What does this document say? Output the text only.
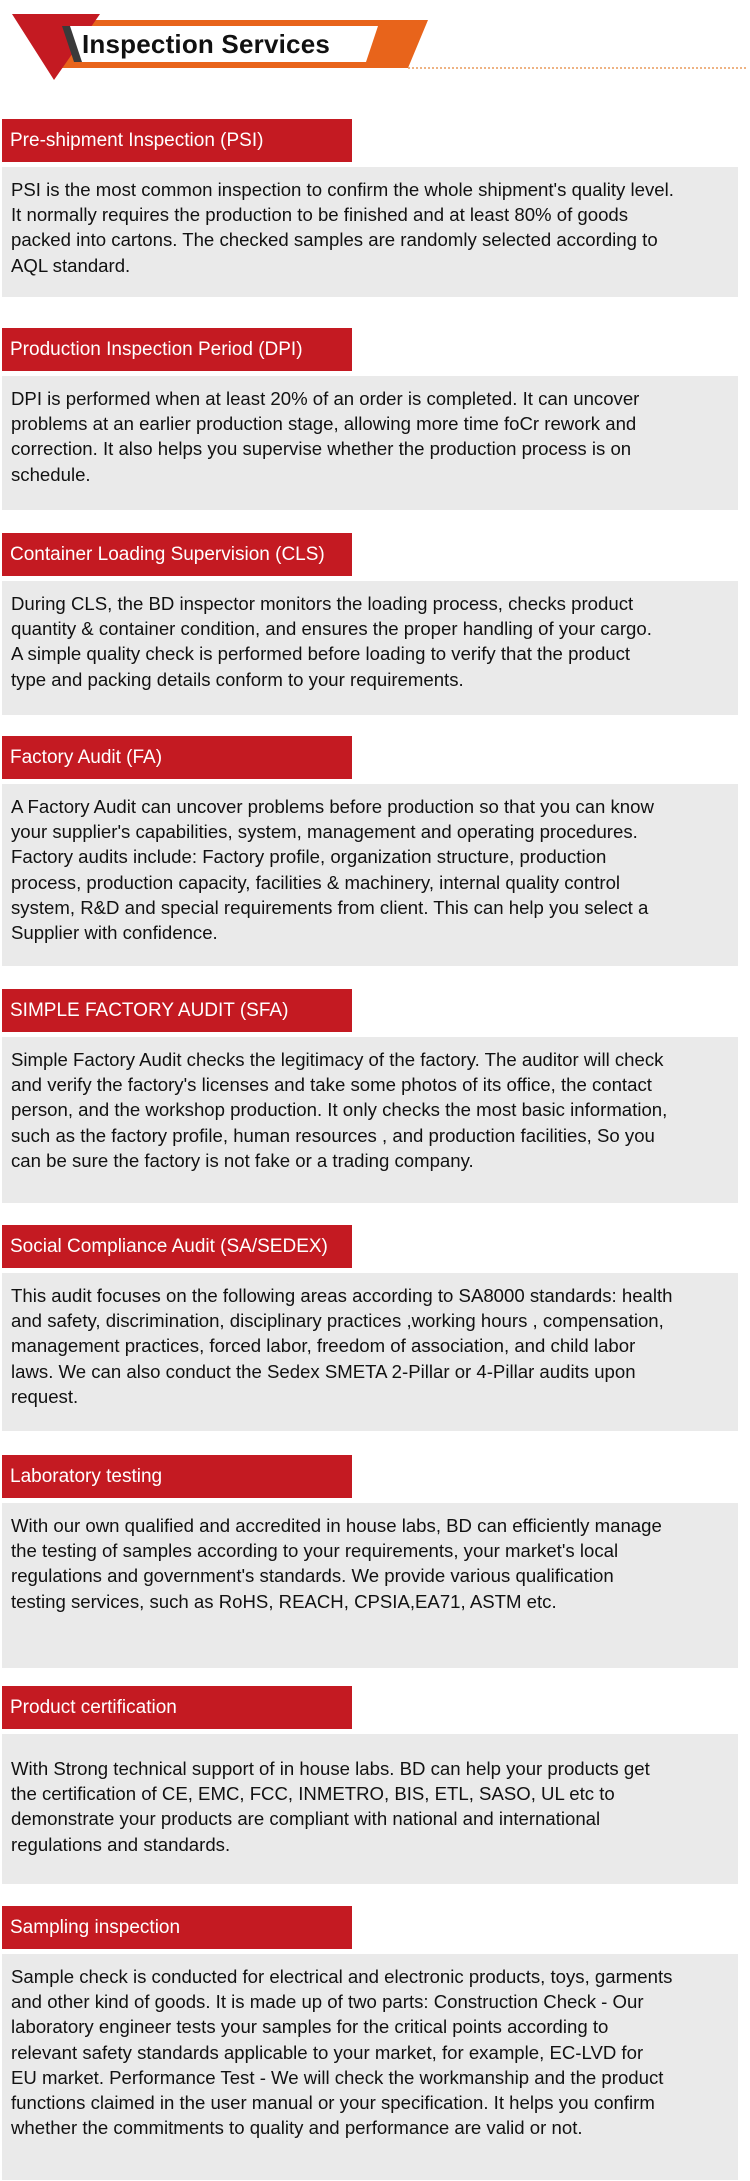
Inspection Services
Pre-shipment Inspection (PSI)
PSI is the most common inspection to confirm the whole shipment's quality level.
It normally requires the production to be finished and at least 80% of goods
packed into cartons. The checked samples are randomly selected according to
AQL standard.
Production Inspection Period (DPI)
DPI is performed when at least 20% of an order is completed. It can uncover
problems at an earlier production stage, allowing more time foCr rework and
correction. It also helps you supervise whether the production process is on
schedule.
Container Loading Supervision (CLS)
During CLS, the BD inspector monitors the loading process, checks product
quantity & container condition, and ensures the proper handling of your cargo.
A simple quality check is performed before loading to verify that the product
type and packing details conform to your requirements.
Factory Audit (FA)
A Factory Audit can uncover problems before production so that you can know
your supplier's capabilities, system, management and operating procedures.
Factory audits include: Factory profile, organization structure, production
process, production capacity, facilities & machinery, internal quality control
system, R&D and special requirements from client. This can help you select a
Supplier with confidence.
SIMPLE FACTORY AUDIT (SFA)
Simple Factory Audit checks the legitimacy of the factory. The auditor will check
and verify the factory's licenses and take some photos of its office, the contact
person, and the workshop production. It only checks the most basic information,
such as the factory profile, human resources , and production facilities, So you
can be sure the factory is not fake or a trading company.
Social Compliance Audit (SA/SEDEX)
This audit focuses on the following areas according to SA8000 standards: health
and safety, discrimination, disciplinary practices ,working hours , compensation,
management practices, forced labor, freedom of association, and child labor
laws. We can also conduct the Sedex SMETA 2-Pillar or 4-Pillar audits upon
request.
Laboratory testing
With our own qualified and accredited in house labs, BD can efficiently manage
the testing of samples according to your requirements, your market's local
regulations and government's standards. We provide various qualification
testing services, such as RoHS, REACH, CPSIA,EA71, ASTM etc.
Product certification
With Strong technical support of in house labs. BD can help your products get
the certification of CE, EMC, FCC, INMETRO, BIS, ETL, SASO, UL etc to
demonstrate your products are compliant with national and international
regulations and standards.
Sampling inspection
Sample check is conducted for electrical and electronic products, toys, garments
and other kind of goods. It is made up of two parts: Construction Check - Our
laboratory engineer tests your samples for the critical points according to
relevant safety standards applicable to your market, for example, EC-LVD for
EU market. Performance Test - We will check the workmanship and the product
functions claimed in the user manual or your specification. It helps you confirm
whether the commitments to quality and performance are valid or not.
